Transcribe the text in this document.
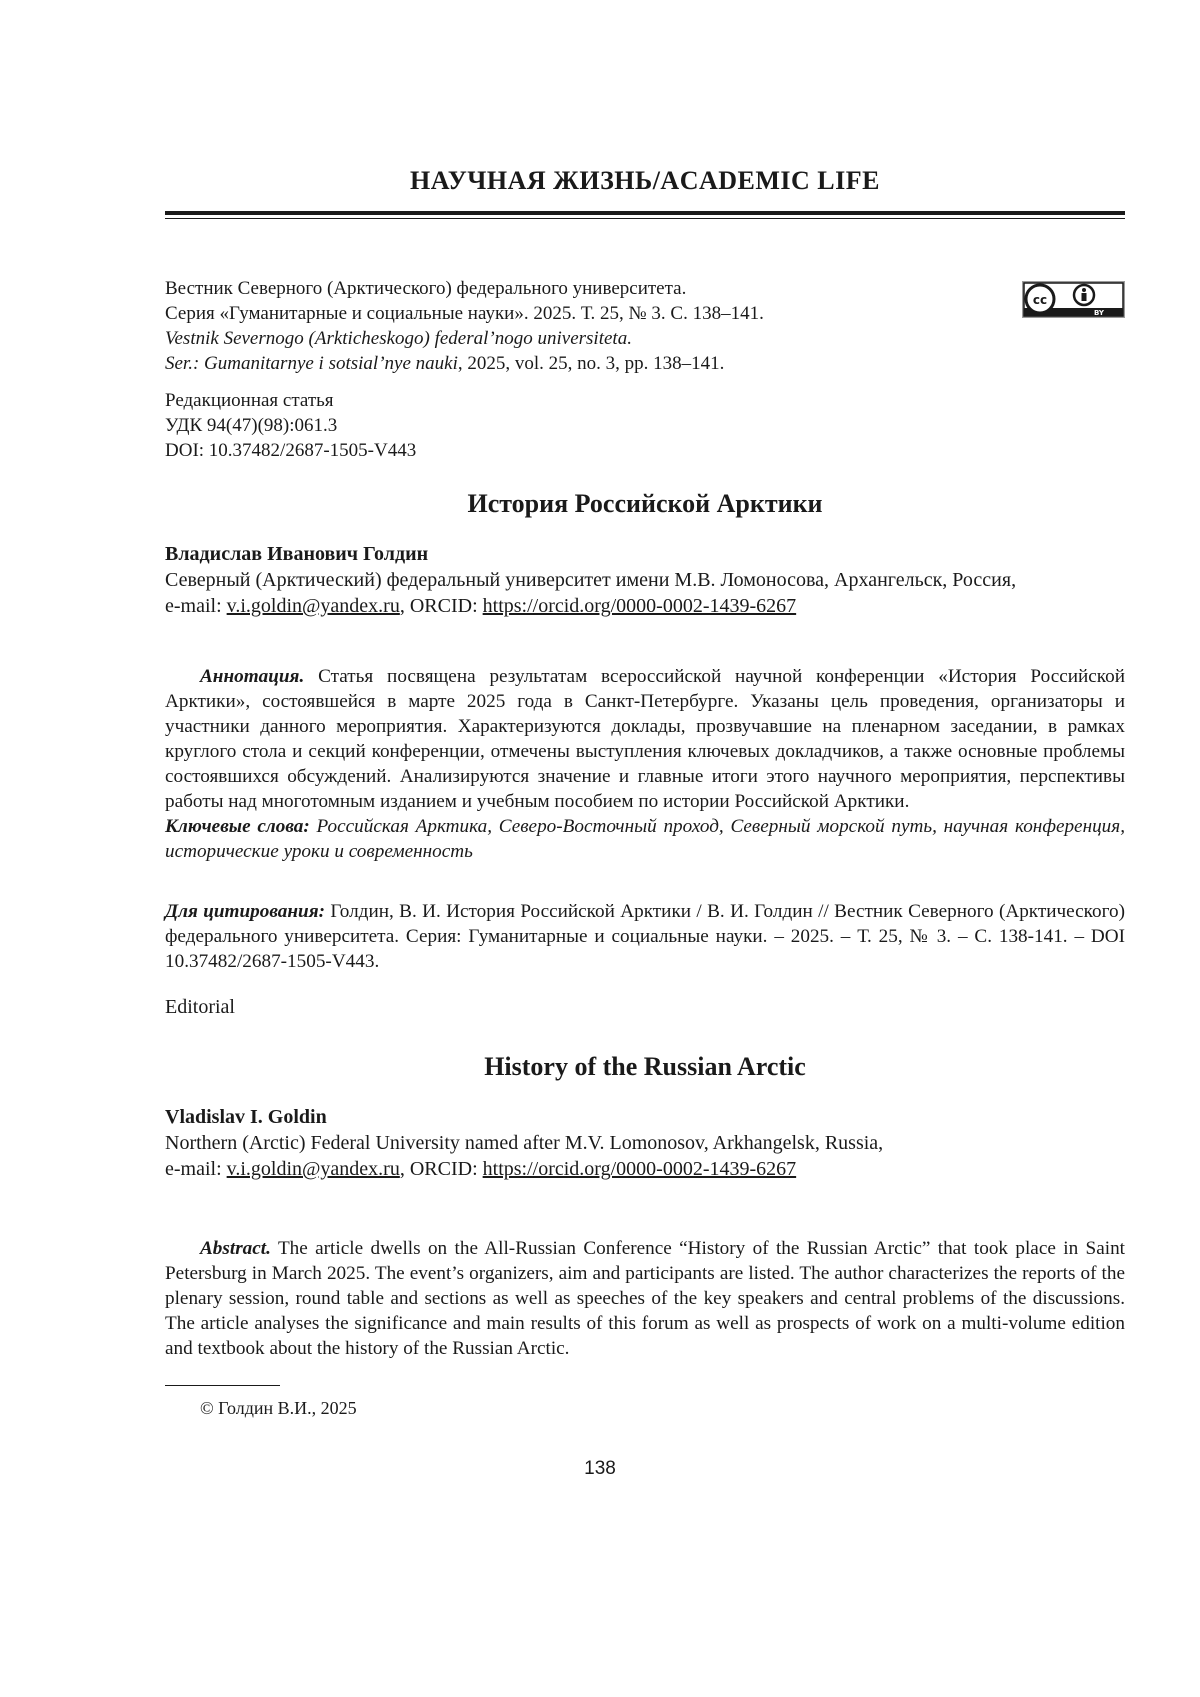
НАУЧНАЯ ЖИЗНЬ/ACADEMIC LIFE
Вестник Северного (Арктического) федерального университета.
Серия «Гуманитарные и социальные науки». 2025. Т. 25, № 3. С. 138–141.
Vestnik Severnogo (Arkticheskogo) federal’nogo universiteta.
Ser.: Gumanitarnye i sotsial’nye nauki, 2025, vol. 25, no. 3, pp. 138–141.
cc
BY
Редакционная статья
УДК 94(47)(98):061.3
DOI: 10.37482/2687-1505-V443
История Российской Арктики
Владислав Иванович Голдин
Северный (Арктический) федеральный университет имени М.В. Ломоносова, Архангельск, Россия,
e-mail: v.i.goldin@yandex.ru, ORCID: https://orcid.org/0000-0002-1439-6267
Аннотация. Статья посвящена результатам всероссийской научной конференции «История Российской Арктики», состоявшейся в марте 2025 года в Санкт-Петербурге. Указаны цель проведения, организаторы и участники данного мероприятия. Характеризуются доклады, прозвучавшие на пленарном заседании, в рамках круглого стола и секций конференции, отмечены выступления ключевых докладчиков, а также основные проблемы состоявшихся обсуждений. Анализируются значение и главные итоги этого научного мероприятия, перспективы работы над многотомным изданием и учебным пособием по истории Российской Арктики.
Ключевые слова: Российская Арктика, Северо-Восточный проход, Северный морской путь, научная конференция, исторические уроки и современность
Для цитирования: Голдин, В. И. История Российской Арктики / В. И. Голдин // Вестник Северного (Арктического) федерального университета. Серия: Гуманитарные и социальные науки. – 2025. – Т. 25, № 3. – С. 138-141. – DOI 10.37482/2687-1505-V443.
Editorial
History of the Russian Arctic
Vladislav I. Goldin
Northern (Arctic) Federal University named after M.V. Lomonosov, Arkhangelsk, Russia,
e-mail: v.i.goldin@yandex.ru, ORCID: https://orcid.org/0000-0002-1439-6267
Abstract. The article dwells on the All-Russian Conference “History of the Russian Arctic” that took place in Saint Petersburg in March 2025. The event’s organizers, aim and participants are listed. The author characterizes the reports of the plenary session, round table and sections as well as speeches of the key speakers and central problems of the discussions. The article analyses the significance and main results of this forum as well as prospects of work on a multi-volume edition and textbook about the history of the Russian Arctic.
© Голдин В.И., 2025
138
